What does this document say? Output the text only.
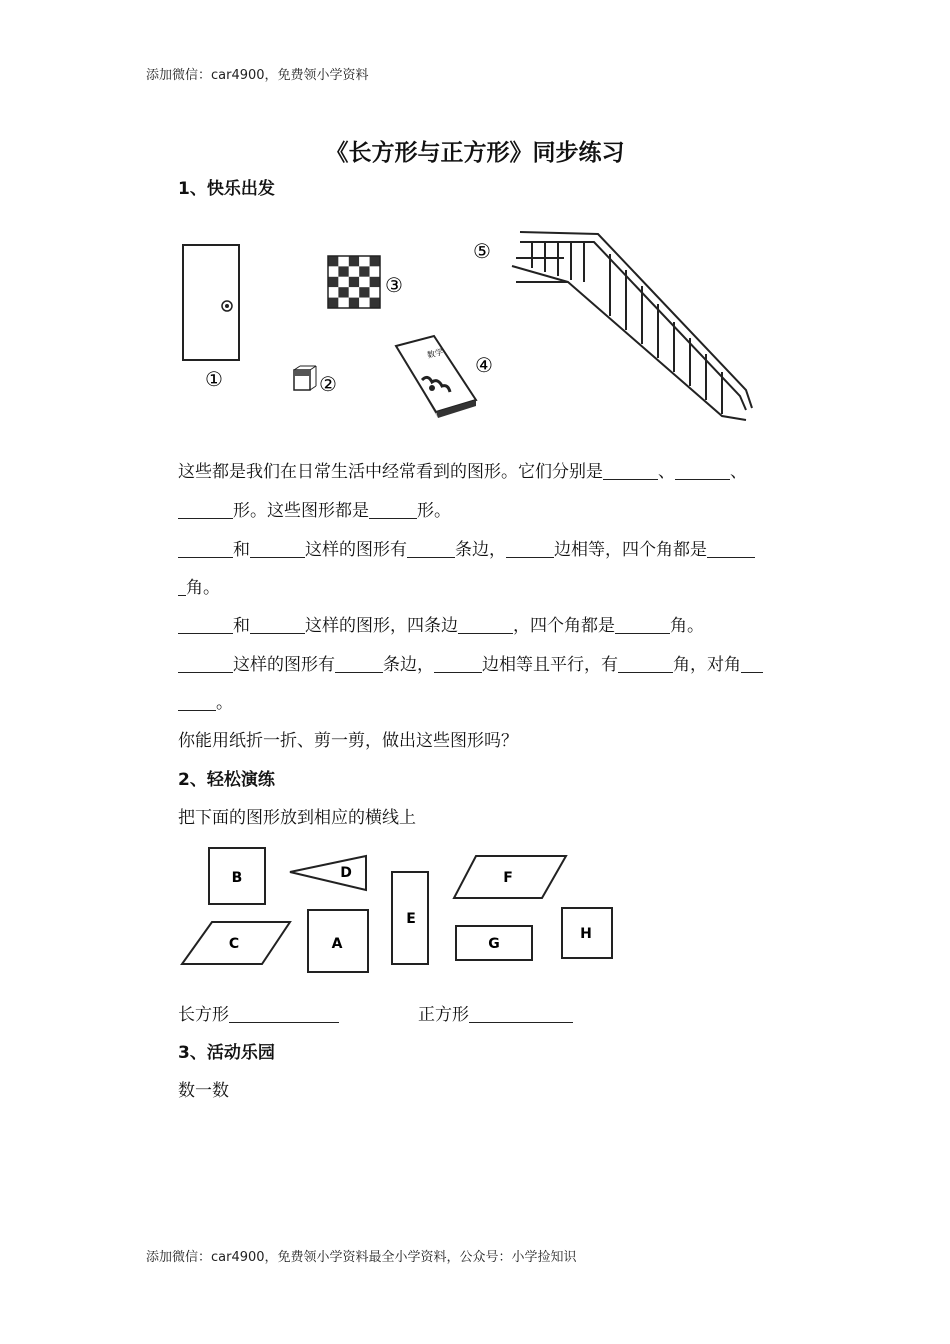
添加微信：car4900，免费领小学资料
《长方形与正方形》同步练习
1、快乐出发
①	②
③
数学 ④
⑤
这些都是我们在日常生活中经常看到的图形。它们分别是	、	、
形。这些图形都是	形。
和	这样的图形有	条边，	边相等，四个角都是
角。
和	这样的图形，四条边	，四个角都是	角。
这样的图形有	条边，	边相等且平行，有	角，对角
。
你能用纸折一折、剪一剪，做出这些图形吗？
2、轻松演练
把下面的图形放到相应的横线上
B	D
E
F
C	A	G
H
长方形	正方形
3、活动乐园
数一数
添加微信：car4900，免费领小学资料最全小学资料，公众号：小学捡知识
